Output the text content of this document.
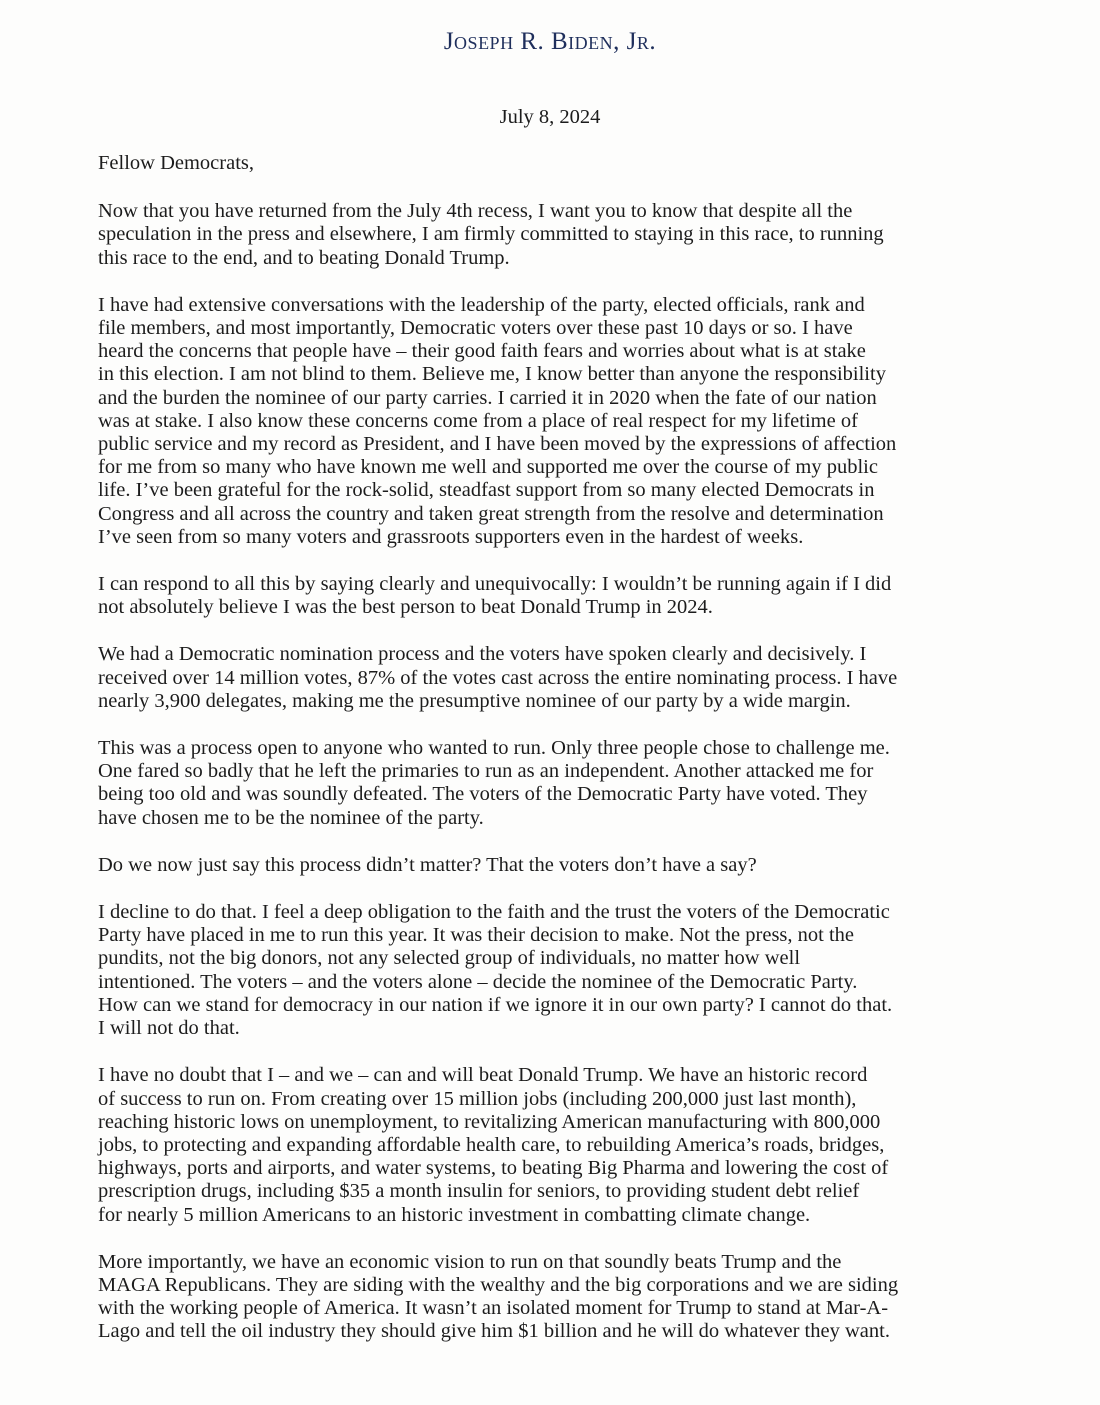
Joseph R. Biden, Jr.
July 8, 2024
Fellow Democrats,
Now that you have returned from the July 4th recess, I want you to know that despite all the
speculation in the press and elsewhere, I am firmly committed to staying in this race, to running
this race to the end, and to beating Donald Trump.
I have had extensive conversations with the leadership of the party, elected officials, rank and
file members, and most importantly, Democratic voters over these past 10 days or so. I have
heard the concerns that people have – their good faith fears and worries about what is at stake
in this election. I am not blind to them. Believe me, I know better than anyone the responsibility
and the burden the nominee of our party carries. I carried it in 2020 when the fate of our nation
was at stake. I also know these concerns come from a place of real respect for my lifetime of
public service and my record as President, and I have been moved by the expressions of affection
for me from so many who have known me well and supported me over the course of my public
life. I’ve been grateful for the rock-solid, steadfast support from so many elected Democrats in
Congress and all across the country and taken great strength from the resolve and determination
I’ve seen from so many voters and grassroots supporters even in the hardest of weeks.
I can respond to all this by saying clearly and unequivocally: I wouldn’t be running again if I did
not absolutely believe I was the best person to beat Donald Trump in 2024.
We had a Democratic nomination process and the voters have spoken clearly and decisively. I
received over 14 million votes, 87% of the votes cast across the entire nominating process. I have
nearly 3,900 delegates, making me the presumptive nominee of our party by a wide margin.
This was a process open to anyone who wanted to run. Only three people chose to challenge me.
One fared so badly that he left the primaries to run as an independent. Another attacked me for
being too old and was soundly defeated. The voters of the Democratic Party have voted. They
have chosen me to be the nominee of the party.
Do we now just say this process didn’t matter? That the voters don’t have a say?
I decline to do that. I feel a deep obligation to the faith and the trust the voters of the Democratic
Party have placed in me to run this year. It was their decision to make. Not the press, not the
pundits, not the big donors, not any selected group of individuals, no matter how well
intentioned. The voters – and the voters alone – decide the nominee of the Democratic Party.
How can we stand for democracy in our nation if we ignore it in our own party? I cannot do that.
I will not do that.
I have no doubt that I – and we – can and will beat Donald Trump. We have an historic record
of success to run on. From creating over 15 million jobs (including 200,000 just last month),
reaching historic lows on unemployment, to revitalizing American manufacturing with 800,000
jobs, to protecting and expanding affordable health care, to rebuilding America’s roads, bridges,
highways, ports and airports, and water systems, to beating Big Pharma and lowering the cost of
prescription drugs, including $35 a month insulin for seniors, to providing student debt relief
for nearly 5 million Americans to an historic investment in combatting climate change.
More importantly, we have an economic vision to run on that soundly beats Trump and the
MAGA Republicans. They are siding with the wealthy and the big corporations and we are siding
with the working people of America. It wasn’t an isolated moment for Trump to stand at Mar-A-
Lago and tell the oil industry they should give him $1 billion and he will do whatever they want.
